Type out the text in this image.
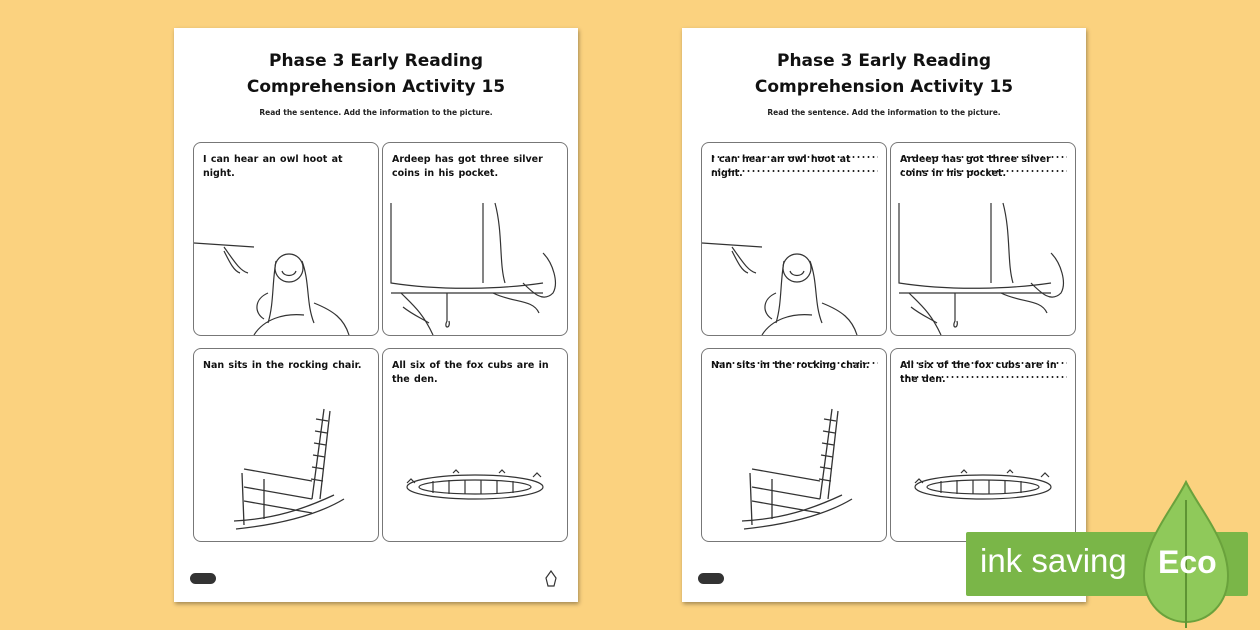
Phase 3 Early Reading
Comprehension Activity 15
Read the sentence. Add the information to the picture.
I can hear an owl hoot at night.
Ardeep has got three silver coins in his pocket.
Nan sits in the rocking chair.	All six of the fox cubs are in the den.
Phase 3 Early Reading
Comprehension Activity 15
Read the sentence. Add the information to the picture.
I can hear an owl hoot at night.
Ardeep has got three silver coins in his pocket.
Nan sits in the rocking chair.	All six of the fox cubs are in the den.
ink saving Eco
